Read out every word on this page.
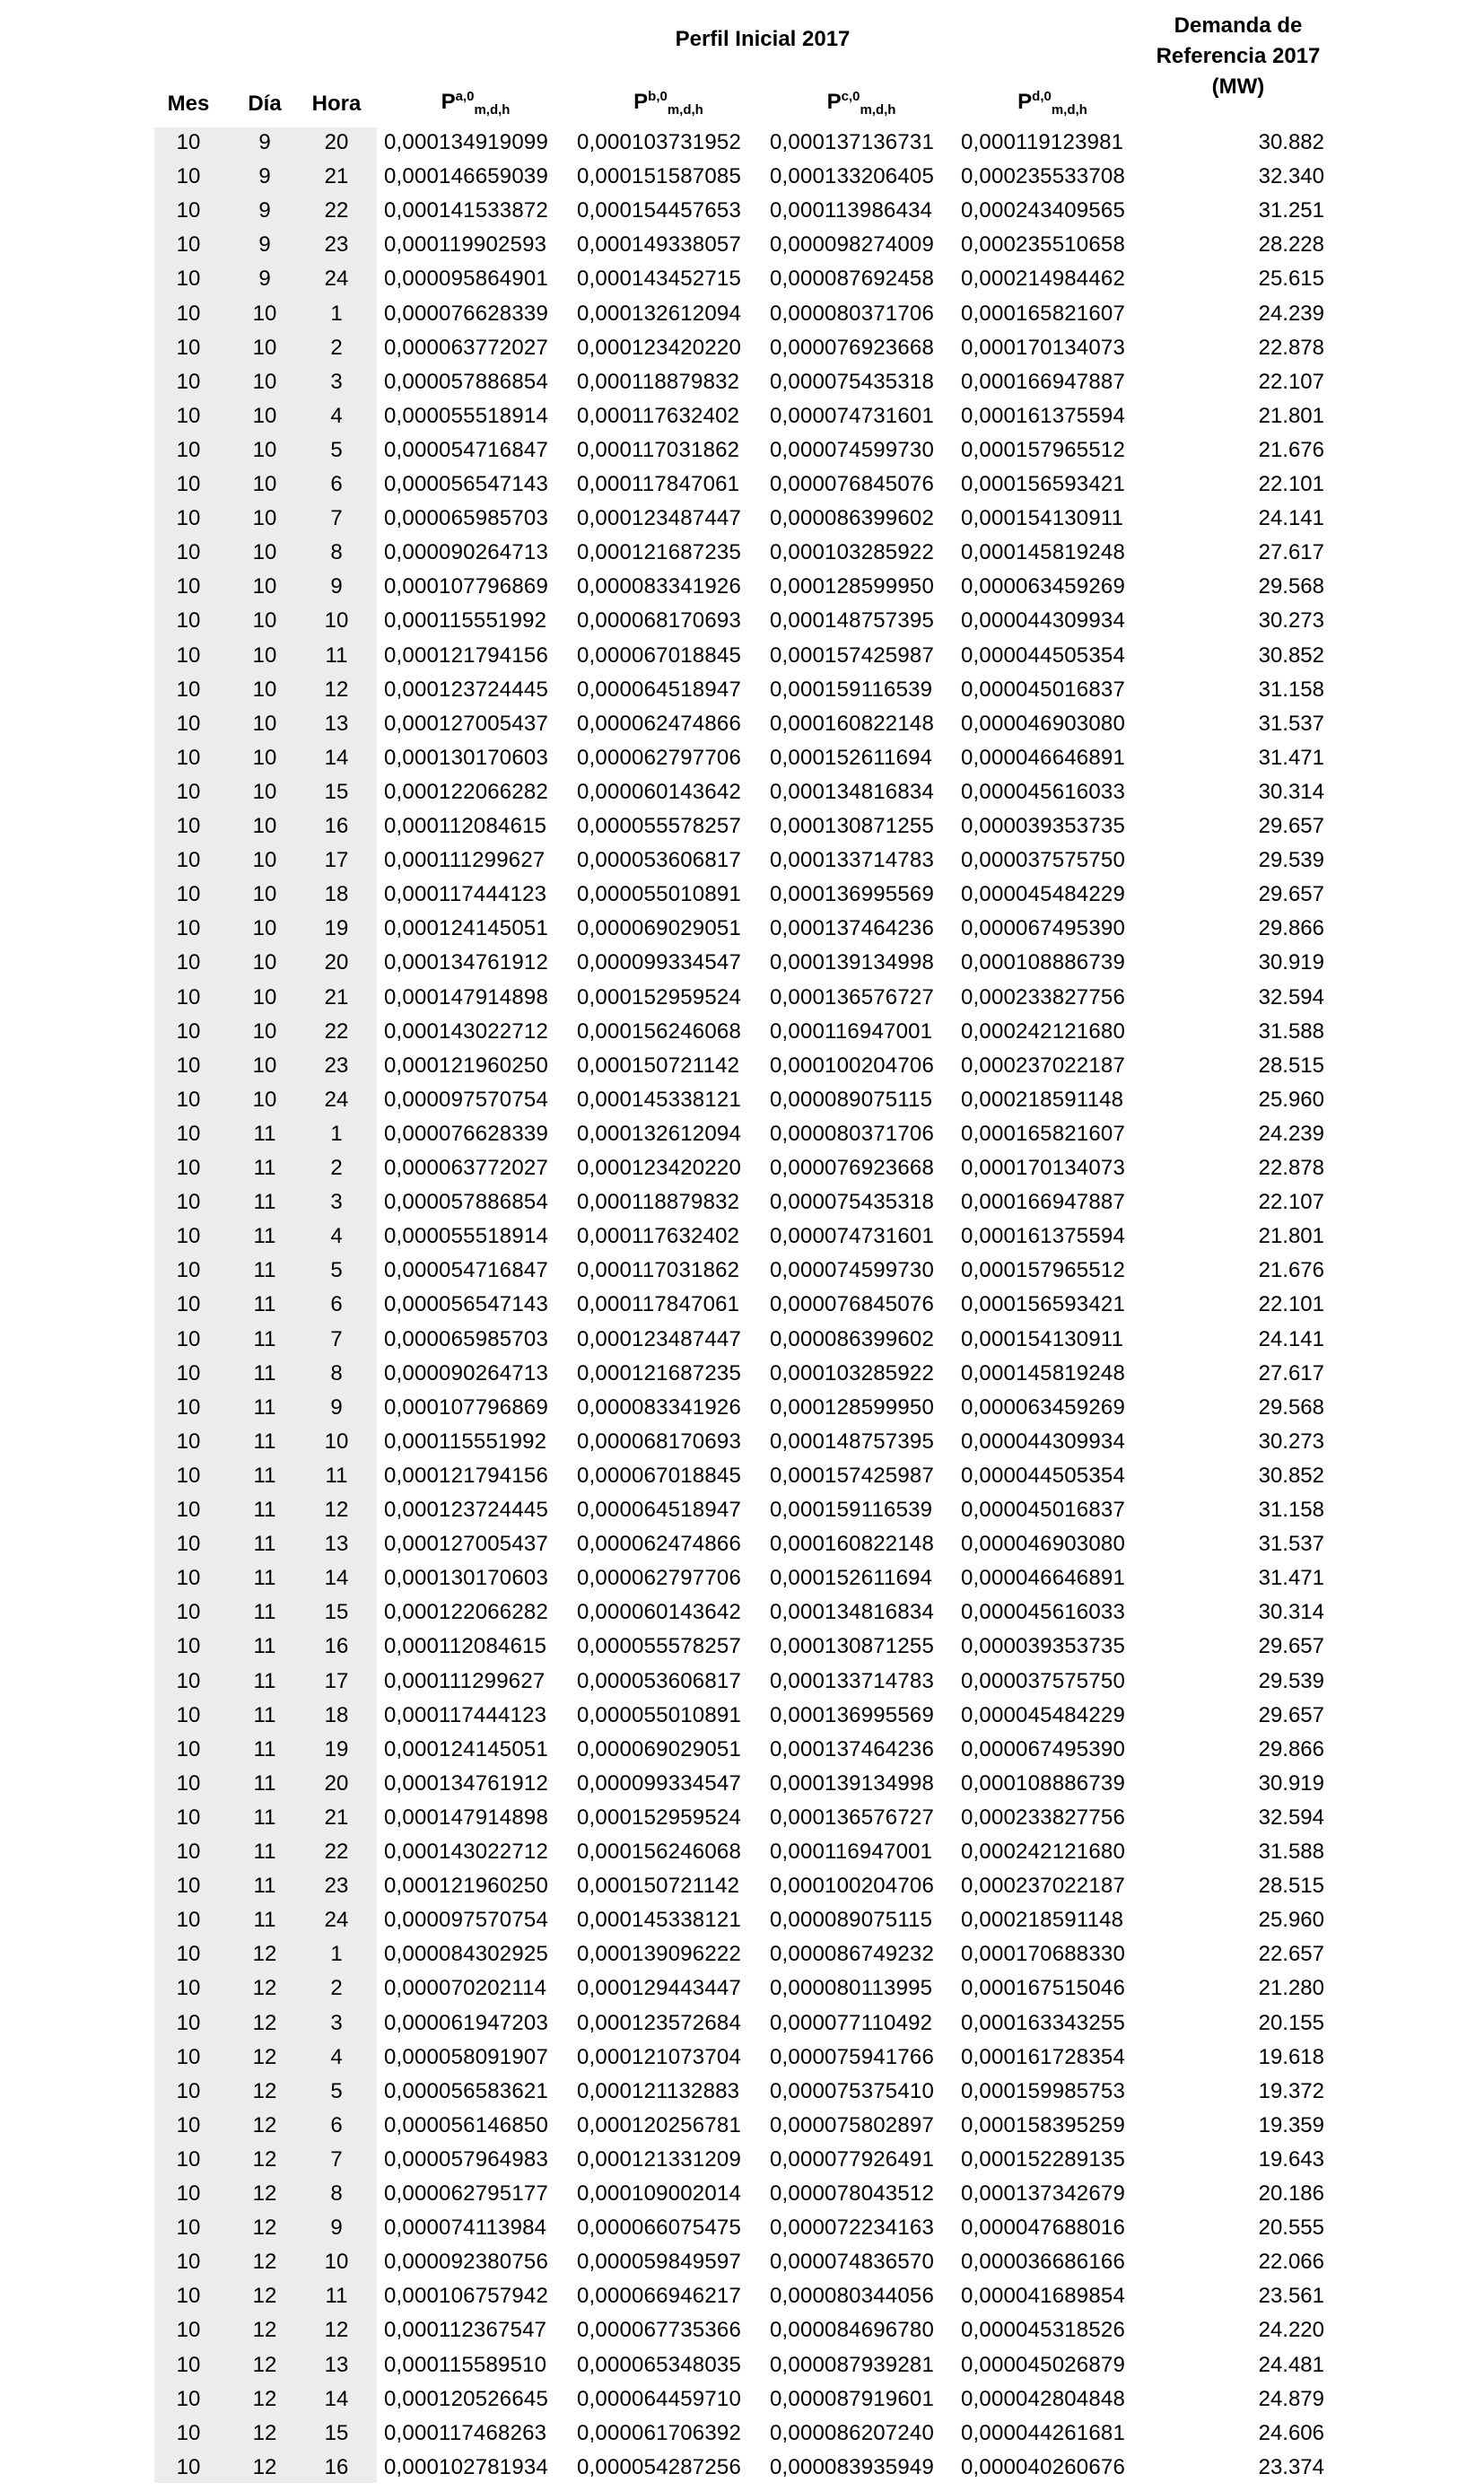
Perfil Inicial 2017
Demanda de
Referencia 2017
(MW)
Mes	Día	Hora	P$^{a,0}_{m,d,h}$	P$^{b,0}_{m,d,h}$	P$^{c,0}_{m,d,h}$	P$^{d,0}_{m,d,h}$
10	9	20	0,000134919099	0,000103731952	0,000137136731	0,000119123981	30.882
10	9	21	0,000146659039	0,000151587085	0,000133206405	0,000235533708	32.340
10	9	22	0,000141533872	0,000154457653	0,000113986434	0,000243409565	31.251
10	9	23	0,000119902593	0,000149338057	0,000098274009	0,000235510658	28.228
10	9	24	0,000095864901	0,000143452715	0,000087692458	0,000214984462	25.615
10	10	1	0,000076628339	0,000132612094	0,000080371706	0,000165821607	24.239
10	10	2	0,000063772027	0,000123420220	0,000076923668	0,000170134073	22.878
10	10	3	0,000057886854	0,000118879832	0,000075435318	0,000166947887	22.107
10	10	4	0,000055518914	0,000117632402	0,000074731601	0,000161375594	21.801
10	10	5	0,000054716847	0,000117031862	0,000074599730	0,000157965512	21.676
10	10	6	0,000056547143	0,000117847061	0,000076845076	0,000156593421	22.101
10	10	7	0,000065985703	0,000123487447	0,000086399602	0,000154130911	24.141
10	10	8	0,000090264713	0,000121687235	0,000103285922	0,000145819248	27.617
10	10	9	0,000107796869	0,000083341926	0,000128599950	0,000063459269	29.568
10	10	10	0,000115551992	0,000068170693	0,000148757395	0,000044309934	30.273
10	10	11	0,000121794156	0,000067018845	0,000157425987	0,000044505354	30.852
10	10	12	0,000123724445	0,000064518947	0,000159116539	0,000045016837	31.158
10	10	13	0,000127005437	0,000062474866	0,000160822148	0,000046903080	31.537
10	10	14	0,000130170603	0,000062797706	0,000152611694	0,000046646891	31.471
10	10	15	0,000122066282	0,000060143642	0,000134816834	0,000045616033	30.314
10	10	16	0,000112084615	0,000055578257	0,000130871255	0,000039353735	29.657
10	10	17	0,000111299627	0,000053606817	0,000133714783	0,000037575750	29.539
10	10	18	0,000117444123	0,000055010891	0,000136995569	0,000045484229	29.657
10	10	19	0,000124145051	0,000069029051	0,000137464236	0,000067495390	29.866
10	10	20	0,000134761912	0,000099334547	0,000139134998	0,000108886739	30.919
10	10	21	0,000147914898	0,000152959524	0,000136576727	0,000233827756	32.594
10	10	22	0,000143022712	0,000156246068	0,000116947001	0,000242121680	31.588
10	10	23	0,000121960250	0,000150721142	0,000100204706	0,000237022187	28.515
10	10	24	0,000097570754	0,000145338121	0,000089075115	0,000218591148	25.960
10	11	1	0,000076628339	0,000132612094	0,000080371706	0,000165821607	24.239
10	11	2	0,000063772027	0,000123420220	0,000076923668	0,000170134073	22.878
10	11	3	0,000057886854	0,000118879832	0,000075435318	0,000166947887	22.107
10	11	4	0,000055518914	0,000117632402	0,000074731601	0,000161375594	21.801
10	11	5	0,000054716847	0,000117031862	0,000074599730	0,000157965512	21.676
10	11	6	0,000056547143	0,000117847061	0,000076845076	0,000156593421	22.101
10	11	7	0,000065985703	0,000123487447	0,000086399602	0,000154130911	24.141
10	11	8	0,000090264713	0,000121687235	0,000103285922	0,000145819248	27.617
10	11	9	0,000107796869	0,000083341926	0,000128599950	0,000063459269	29.568
10	11	10	0,000115551992	0,000068170693	0,000148757395	0,000044309934	30.273
10	11	11	0,000121794156	0,000067018845	0,000157425987	0,000044505354	30.852
10	11	12	0,000123724445	0,000064518947	0,000159116539	0,000045016837	31.158
10	11	13	0,000127005437	0,000062474866	0,000160822148	0,000046903080	31.537
10	11	14	0,000130170603	0,000062797706	0,000152611694	0,000046646891	31.471
10	11	15	0,000122066282	0,000060143642	0,000134816834	0,000045616033	30.314
10	11	16	0,000112084615	0,000055578257	0,000130871255	0,000039353735	29.657
10	11	17	0,000111299627	0,000053606817	0,000133714783	0,000037575750	29.539
10	11	18	0,000117444123	0,000055010891	0,000136995569	0,000045484229	29.657
10	11	19	0,000124145051	0,000069029051	0,000137464236	0,000067495390	29.866
10	11	20	0,000134761912	0,000099334547	0,000139134998	0,000108886739	30.919
10	11	21	0,000147914898	0,000152959524	0,000136576727	0,000233827756	32.594
10	11	22	0,000143022712	0,000156246068	0,000116947001	0,000242121680	31.588
10	11	23	0,000121960250	0,000150721142	0,000100204706	0,000237022187	28.515
10	11	24	0,000097570754	0,000145338121	0,000089075115	0,000218591148	25.960
10	12	1	0,000084302925	0,000139096222	0,000086749232	0,000170688330	22.657
10	12	2	0,000070202114	0,000129443447	0,000080113995	0,000167515046	21.280
10	12	3	0,000061947203	0,000123572684	0,000077110492	0,000163343255	20.155
10	12	4	0,000058091907	0,000121073704	0,000075941766	0,000161728354	19.618
10	12	5	0,000056583621	0,000121132883	0,000075375410	0,000159985753	19.372
10	12	6	0,000056146850	0,000120256781	0,000075802897	0,000158395259	19.359
10	12	7	0,000057964983	0,000121331209	0,000077926491	0,000152289135	19.643
10	12	8	0,000062795177	0,000109002014	0,000078043512	0,000137342679	20.186
10	12	9	0,000074113984	0,000066075475	0,000072234163	0,000047688016	20.555
10	12	10	0,000092380756	0,000059849597	0,000074836570	0,000036686166	22.066
10	12	11	0,000106757942	0,000066946217	0,000080344056	0,000041689854	23.561
10	12	12	0,000112367547	0,000067735366	0,000084696780	0,000045318526	24.220
10	12	13	0,000115589510	0,000065348035	0,000087939281	0,000045026879	24.481
10	12	14	0,000120526645	0,000064459710	0,000087919601	0,000042804848	24.879
10	12	15	0,000117468263	0,000061706392	0,000086207240	0,000044261681	24.606
10	12	16	0,000102781934	0,000054287256	0,000083935949	0,000040260676	23.374
